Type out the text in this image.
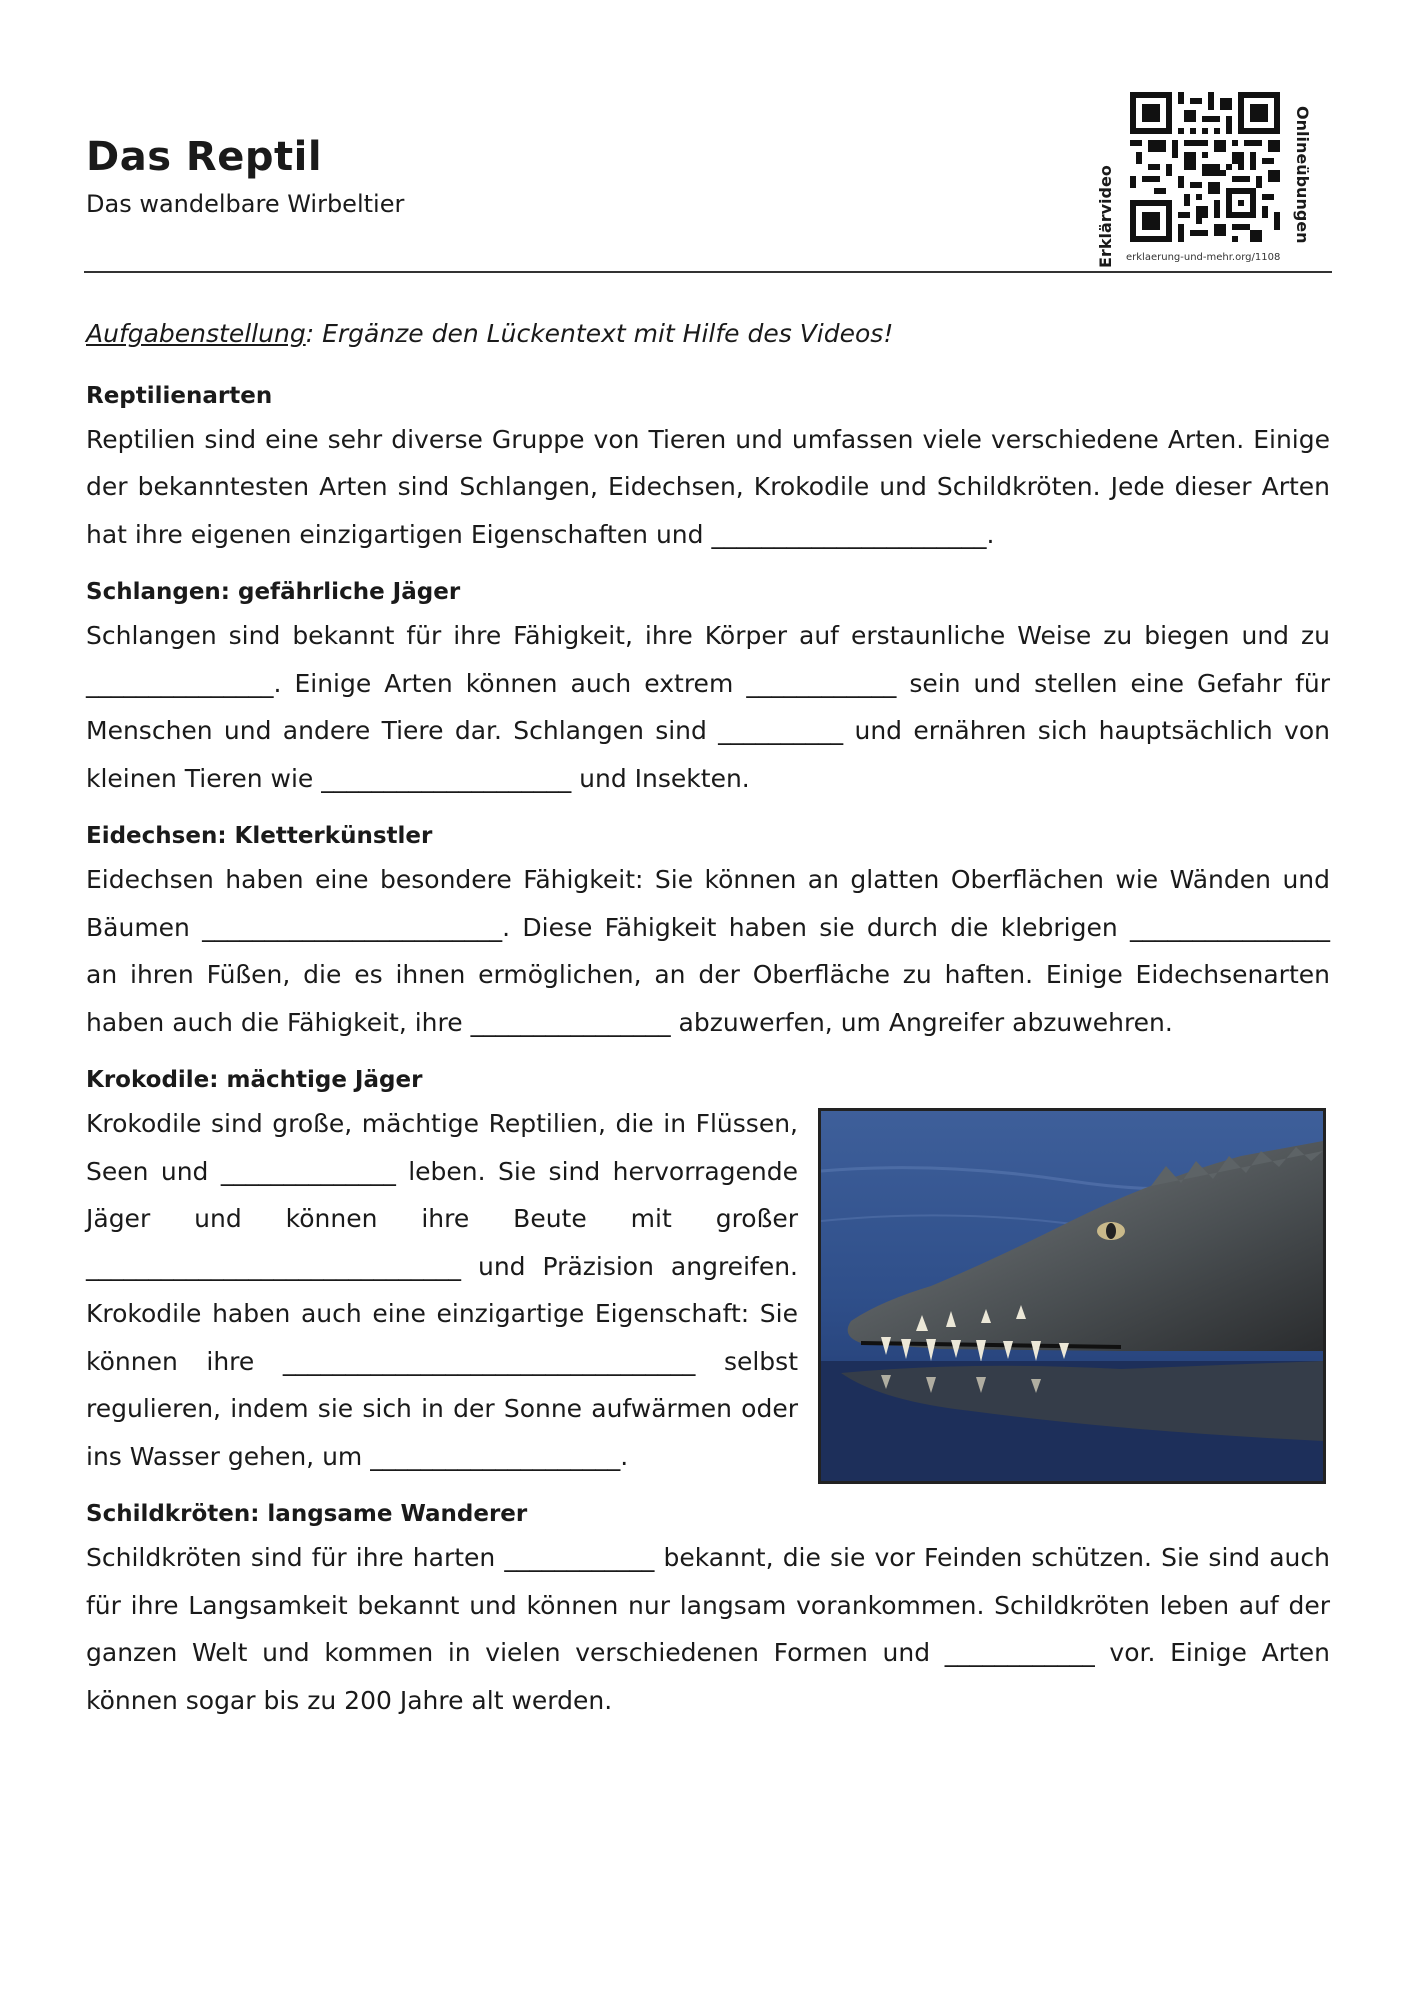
Das Reptil
Das wandelbare Wirbeltier	Erklärvideo	Onlineübungen
erklaerung-und-mehr.org/1108

Aufgabenstellung: Ergänze den Lückentext mit Hilfe des Videos!

Reptilienarten

Reptilien sind eine sehr diverse Gruppe von Tieren und umfassen viele verschiedene Arten. Einige der bekanntesten Arten sind Schlangen, Eidechsen, Krokodile und Schildkröten. Jede dieser Arten hat ihre eigenen einzigartigen Eigenschaften und ______________________.

Schlangen: gefährliche Jäger

Schlangen sind bekannt für ihre Fähigkeit, ihre Körper auf erstaunliche Weise zu biegen und zu _______________. Einige Arten können auch extrem ____________ sein und stellen eine Gefahr für Menschen und andere Tiere dar. Schlangen sind __________ und ernähren sich hauptsächlich von kleinen Tieren wie ____________________ und Insekten.

Eidechsen: Kletterkünstler

Eidechsen haben eine besondere Fähigkeit: Sie können an glatten Oberflächen wie Wänden und Bäumen ________________________. Diese Fähigkeit haben sie durch die klebrigen ________________ an ihren Füßen, die es ihnen ermöglichen, an der Oberfläche zu haften. Einige Eidechsenarten haben auch die Fähigkeit, ihre ________________ abzuwerfen, um Angreifer abzuwehren.

Krokodile: mächtige Jäger

Krokodile sind große, mächtige Reptilien, die in Flüssen, Seen und ______________ leben. Sie sind hervorragende Jäger und können ihre Beute mit großer ______________________________ und Präzision angreifen. Krokodile haben auch eine einzigartige Eigenschaft: Sie können ihre _________________________________ selbst regulieren, indem sie sich in der Sonne aufwärmen oder ins Wasser gehen, um ____________________.

Schildkröten: langsame Wanderer

Schildkröten sind für ihre harten ____________ bekannt, die sie vor Feinden schützen. Sie sind auch für ihre Langsamkeit bekannt und können nur langsam vorankommen. Schildkröten leben auf der ganzen Welt und kommen in vielen verschiedenen Formen und ____________ vor. Einige Arten können sogar bis zu 200 Jahre alt werden.
